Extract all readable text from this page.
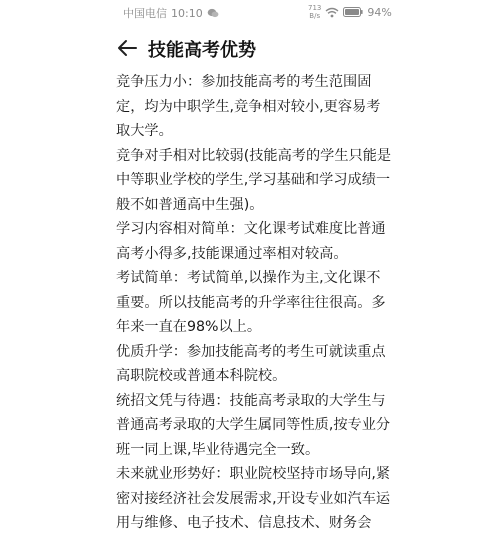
中国电信 10:10	713
B/s	94%
技能高考优势

竞争压力小：参加技能高考的考生范围固定，均为中职学生,竞争相对较小,更容易考取大学。

竞争对手相对比较弱(技能高考的学生只能是中等职业学校的学生,学习基础和学习成绩一般不如普通高中生强)。

学习内容相对简单：文化课考试难度比普通高考小得多,技能课通过率相对较高。

考试简单：考试简单,以操作为主,文化课不重要。所以技能高考的升学率往往很高。多年来一直在98%以上。

优质升学：参加技能高考的考生可就读重点高职院校或普通本科院校。

统招文凭与待遇：技能高考录取的大学生与普通高考录取的大学生属同等性质,按专业分班一同上课,毕业待遇完全一致。

未来就业形势好：职业院校坚持市场导向,紧密对接经济社会发展需求,开设专业如汽车运用与维修、电子技术、信息技术、财务会
